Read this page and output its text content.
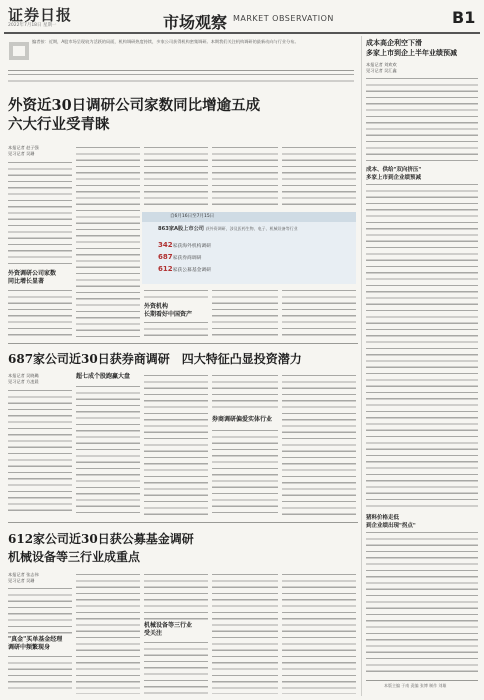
证券日报
2022年7月18日 星期一	市场观察 MARKET OBSERVATION	B1
编者按：近期，A股市场呈现较为活跃的局面，机构调研热度持续，多家公司获得机构密集调研。本期我们关注机构调研的最新动向与行业分布。
外资近30日调研公司家数同比增逾五成
六大行业受青睐
本报记者 赵子强
见习记者 吴珊
外资调研公司家数
同比增长显著
自6月16日至7月15日
863家A股上市公司 获外资调研，涉及医药生物、电子、机械设备等行业
342家获海外机构调研
687家获券商调研
612家获公募基金调研
外资机构
长期看好中国资产
687家公司近30日获券商调研　四大特征凸显投资潜力
本报记者 吴晓璐
见习记者 方凌晨
超七成个股跑赢大盘
券商调研偏爱实体行业
612家公司近30日获公募基金调研
机械设备等三行业成重点
本报记者 张志伟
见习记者 吴珊
"真金"买单基金经理
调研中频繁现身
机械设备等三行业
受关注
成本高企利空下滑
多家上市到企上半年业绩预减
本报记者 刘欢欢
见习记者 吴汇鑫
成本、供给"双向挤压"
多家上市到企业绩预减
猪料价格走低
到企业绩出现"拐点"
本版主编 于南 责编 张博 制作 刘雄
